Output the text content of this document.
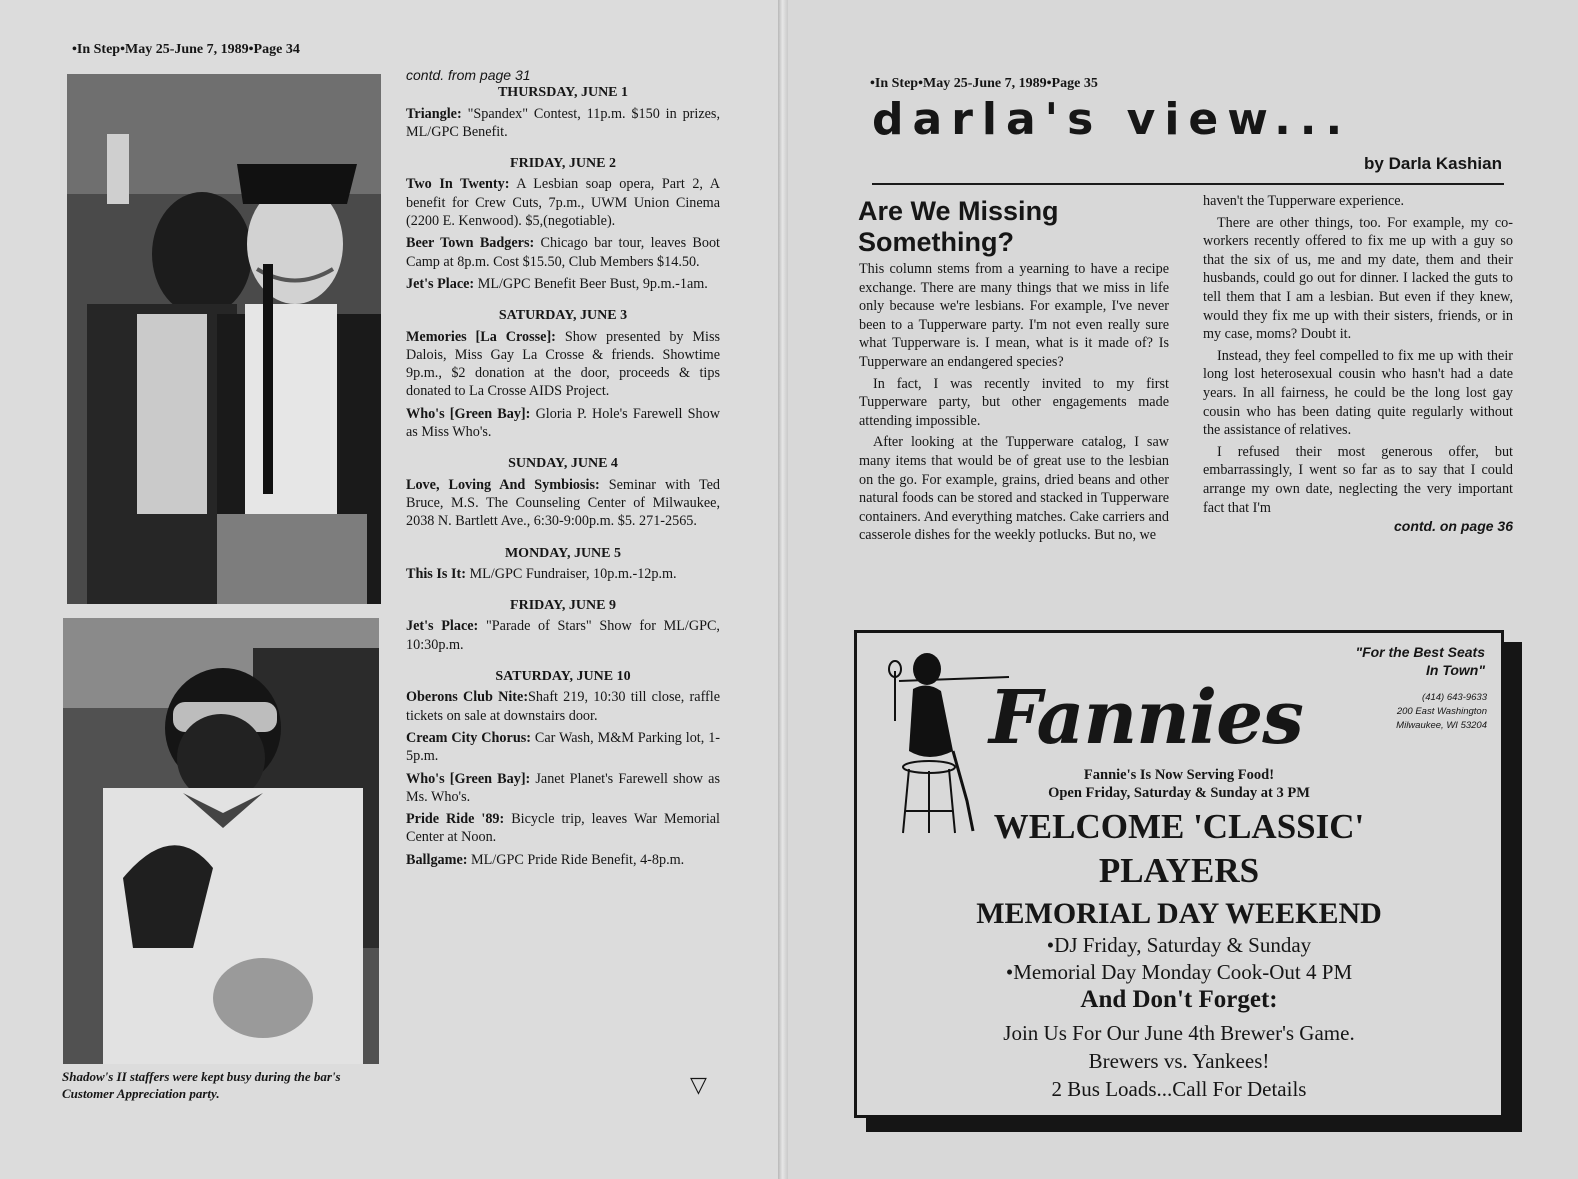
•In Step•May 25-June 7, 1989•Page 34
Shadow's II staffers were kept busy during the bar's Customer Appreciation party.
contd. from page 31
THURSDAY, JUNE 1
Triangle: "Spandex" Contest, 11p.m. $150 in prizes, ML/GPC Benefit.
FRIDAY, JUNE 2
Two In Twenty: A Lesbian soap opera, Part 2, A benefit for Crew Cuts, 7p.m., UWM Union Cinema (2200 E. Kenwood). $5,(negotiable).
Beer Town Badgers: Chicago bar tour, leaves Boot Camp at 8p.m. Cost $15.50, Club Members $14.50.
Jet's Place: ML/GPC Benefit Beer Bust, 9p.m.-1am.
SATURDAY, JUNE 3
Memories [La Crosse]: Show presented by Miss Dalois, Miss Gay La Crosse & friends. Showtime 9p.m., $2 donation at the door, proceeds & tips donated to La Crosse AIDS Project.
Who's [Green Bay]: Gloria P. Hole's Farewell Show as Miss Who's.
SUNDAY, JUNE 4
Love, Loving And Symbiosis: Seminar with Ted Bruce, M.S. The Counseling Center of Milwaukee, 2038 N. Bartlett Ave., 6:30-9:00p.m. $5. 271-2565.
MONDAY, JUNE 5
This Is It: ML/GPC Fundraiser, 10p.m.-12p.m.
FRIDAY, JUNE 9
Jet's Place: "Parade of Stars" Show for ML/GPC, 10:30p.m.
SATURDAY, JUNE 10
Oberons Club Nite:Shaft 219, 10:30 till close, raffle tickets on sale at downstairs door.
Cream City Chorus: Car Wash, M&M Parking lot, 1-5p.m.
Who's [Green Bay]: Janet Planet's Farewell show as Ms. Who's.
Pride Ride '89: Bicycle trip, leaves War Memorial Center at Noon.
Ballgame: ML/GPC Pride Ride Benefit, 4-8p.m.
▽
•In Step•May 25-June 7, 1989•Page 35
darla's view...
by Darla Kashian
Are We Missing Something?

This column stems from a yearning to have a recipe exchange. There are many things that we miss in life only because we're lesbians. For example, I've never been to a Tupperware party. I'm not even really sure what Tupperware is. I mean, what is it made of? Is Tupperware an endangered species?

In fact, I was recently invited to my first Tupperware party, but other engagements made attending impossible.

After looking at the Tupperware catalog, I saw many items that would be of great use to the lesbian on the go. For example, grains, dried beans and other natural foods can be stored and stacked in Tupperware containers. And everything matches. Cake carriers and casserole dishes for the weekly potlucks. But no, we

haven't the Tupperware experience.

There are other things, too. For example, my co-workers recently offered to fix me up with a guy so that the six of us, me and my date, them and their husbands, could go out for dinner. I lacked the guts to tell them that I am a lesbian. But even if they knew, would they fix me up with their sisters, friends, or in my case, moms? Doubt it.

Instead, they feel compelled to fix me up with their long lost heterosexual cousin who hasn't had a date years. In all fairness, he could be the long lost gay cousin who has been dating quite regularly without the assistance of relatives.

I refused their most generous offer, but embarrassingly, I went so far as to say that I could arrange my own date, neglecting the very important fact that I'm

contd. on page 36
"For the Best Seats
In Town"
(414) 643-9633
200 East Washington
Milwaukee, WI 53204
Fannies
Fannie's Is Now Serving Food!
Open Friday, Saturday & Sunday at 3 PM
WELCOME 'CLASSIC'
PLAYERS
MEMORIAL DAY WEEKEND
•DJ Friday, Saturday & Sunday
•Memorial Day Monday Cook-Out 4 PM
And Don't Forget:
Join Us For Our June 4th Brewer's Game.
Brewers vs. Yankees!
2 Bus Loads...Call For Details
